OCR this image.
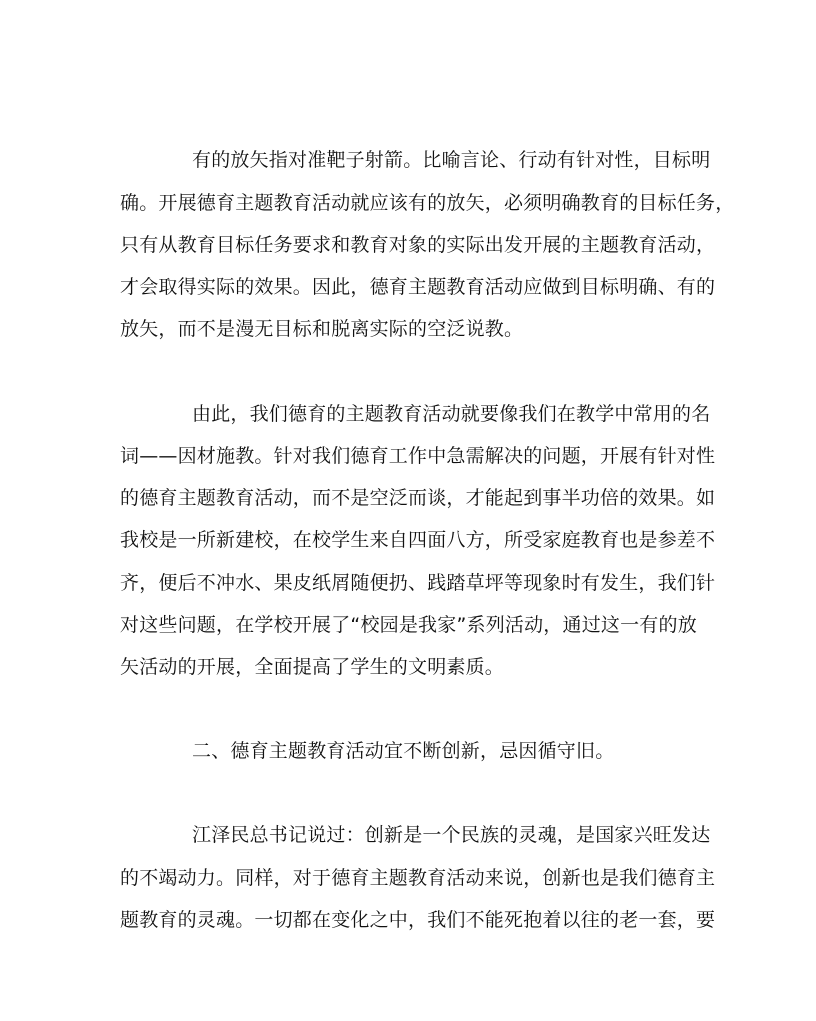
有的放矢指对准靶子射箭。比喻言论、行动有针对性，目标明
确。开展德育主题教育活动就应该有的放矢，必须明确教育的目标任务，
只有从教育目标任务要求和教育对象的实际出发开展的主题教育活动，
才会取得实际的效果。因此，德育主题教育活动应做到目标明确、有的
放矢，而不是漫无目标和脱离实际的空泛说教。
由此，我们德育的主题教育活动就要像我们在教学中常用的名
词——因材施教。针对我们德育工作中急需解决的问题，开展有针对性
的德育主题教育活动，而不是空泛而谈，才能起到事半功倍的效果。如
我校是一所新建校，在校学生来自四面八方，所受家庭教育也是参差不
齐，便后不冲水、果皮纸屑随便扔、践踏草坪等现象时有发生，我们针
对这些问题，在学校开展了“校园是我家”系列活动，通过这一有的放
矢活动的开展，全面提高了学生的文明素质。
二、德育主题教育活动宜不断创新，忌因循守旧。
江泽民总书记说过：创新是一个民族的灵魂，是国家兴旺发达
的不竭动力。同样，对于德育主题教育活动来说，创新也是我们德育主
题教育的灵魂。一切都在变化之中，我们不能死抱着以往的老一套，要
